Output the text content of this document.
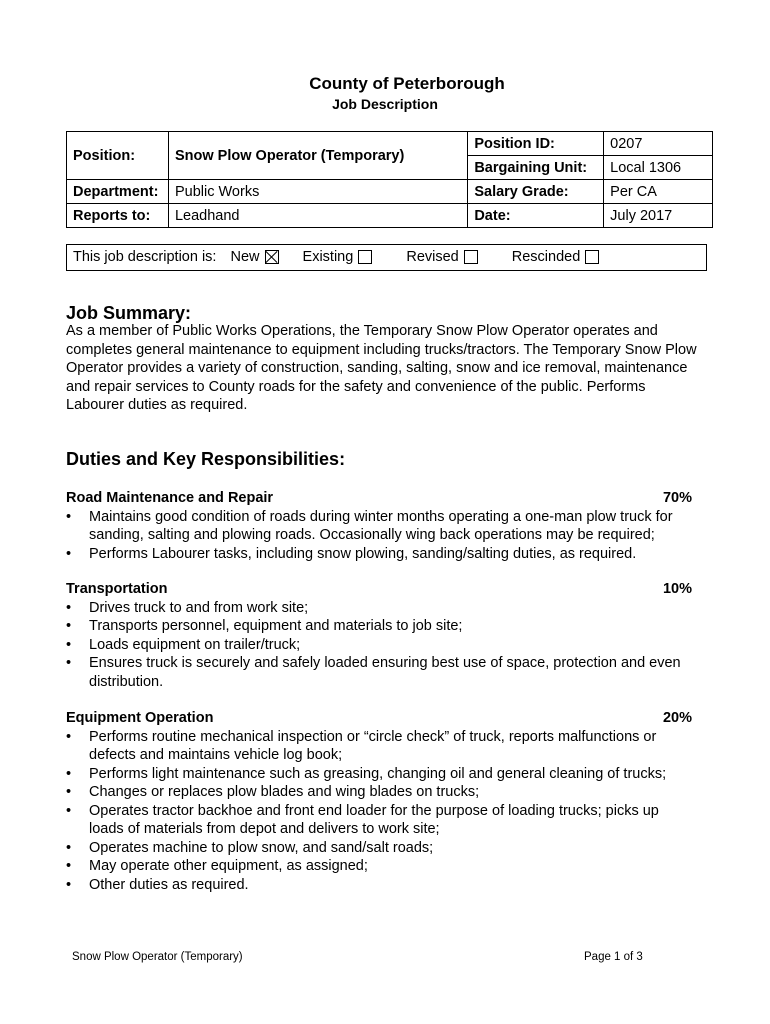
County of Peterborough
Job Description
Position:	Snow Plow Operator (Temporary)	Position ID:	0207
		Bargaining Unit:	Local 1306
Department:	Public Works	Salary Grade:	Per CA
Reports to:	Leadhand	Date:	July 2017
This job description is: New	Existing	Revised	Rescinded
Job Summary:
As a member of Public Works Operations, the Temporary Snow Plow Operator operates and completes general maintenance to equipment including trucks/tractors. The Temporary Snow Plow Operator provides a variety of construction, sanding, salting, snow and ice removal, maintenance and repair services to County roads for the safety and convenience of the public. Performs Labourer duties as required.
Duties and Key Responsibilities:
Road Maintenance and Repair	70%
• Maintains good condition of roads during winter months operating a one-man plow truck for sanding, salting and plowing roads. Occasionally wing back operations may be required;
• Performs Labourer tasks, including snow plowing, sanding/salting duties, as required.
Transportation	10%
• Drives truck to and from work site;
• Transports personnel, equipment and materials to job site;
• Loads equipment on trailer/truck;
• Ensures truck is securely and safely loaded ensuring best use of space, protection and even distribution.
Equipment Operation	20%
• Performs routine mechanical inspection or “circle check” of truck, reports malfunctions or defects and maintains vehicle log book;
• Performs light maintenance such as greasing, changing oil and general cleaning of trucks;
• Changes or replaces plow blades and wing blades on trucks;
• Operates tractor backhoe and front end loader for the purpose of loading trucks; picks up loads of materials from depot and delivers to work site;
• Operates machine to plow snow, and sand/salt roads;
• May operate other equipment, as assigned;
• Other duties as required.
Snow Plow Operator (Temporary)	Page 1 of 3
